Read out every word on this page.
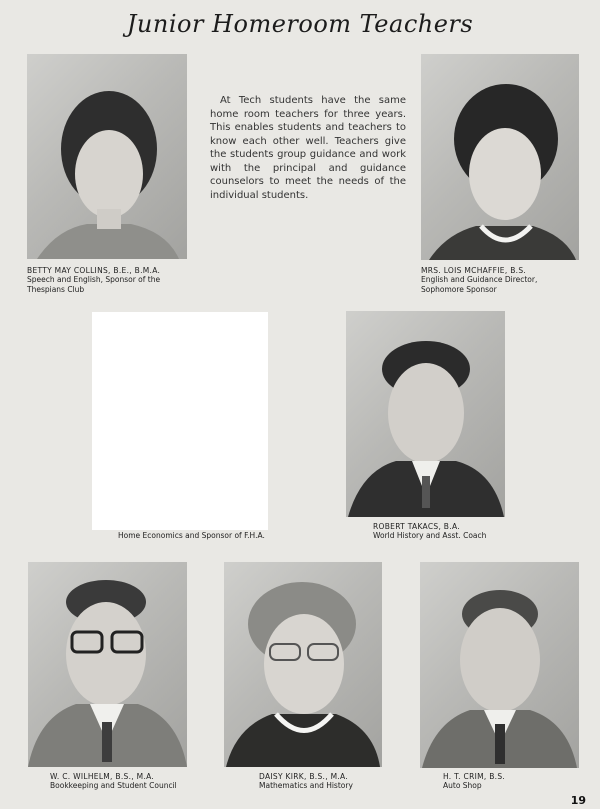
Junior Homeroom Teachers
At Tech students have the same home room teachers for three years. This enables students and teachers to know each other well. Teachers give the students group guidance and work with the principal and guidance counselors to meet the needs of the individual students.
BETTY MAY COLLINS, B.E., B.M.A.
Speech and English, Sponsor of the Thespians Club
MRS. LOIS MCHAFFIE, B.S.
English and Guidance Director, Sophomore Sponsor
Home Economics and Sponsor of F.H.A.
ROBERT TAKACS, B.A.
World History and Asst. Coach
W. C. WILHELM, B.S., M.A.
Bookkeeping and Student Council
DAISY KIRK, B.S., M.A.
Mathematics and History
H. T. CRIM, B.S.
Auto Shop
19
